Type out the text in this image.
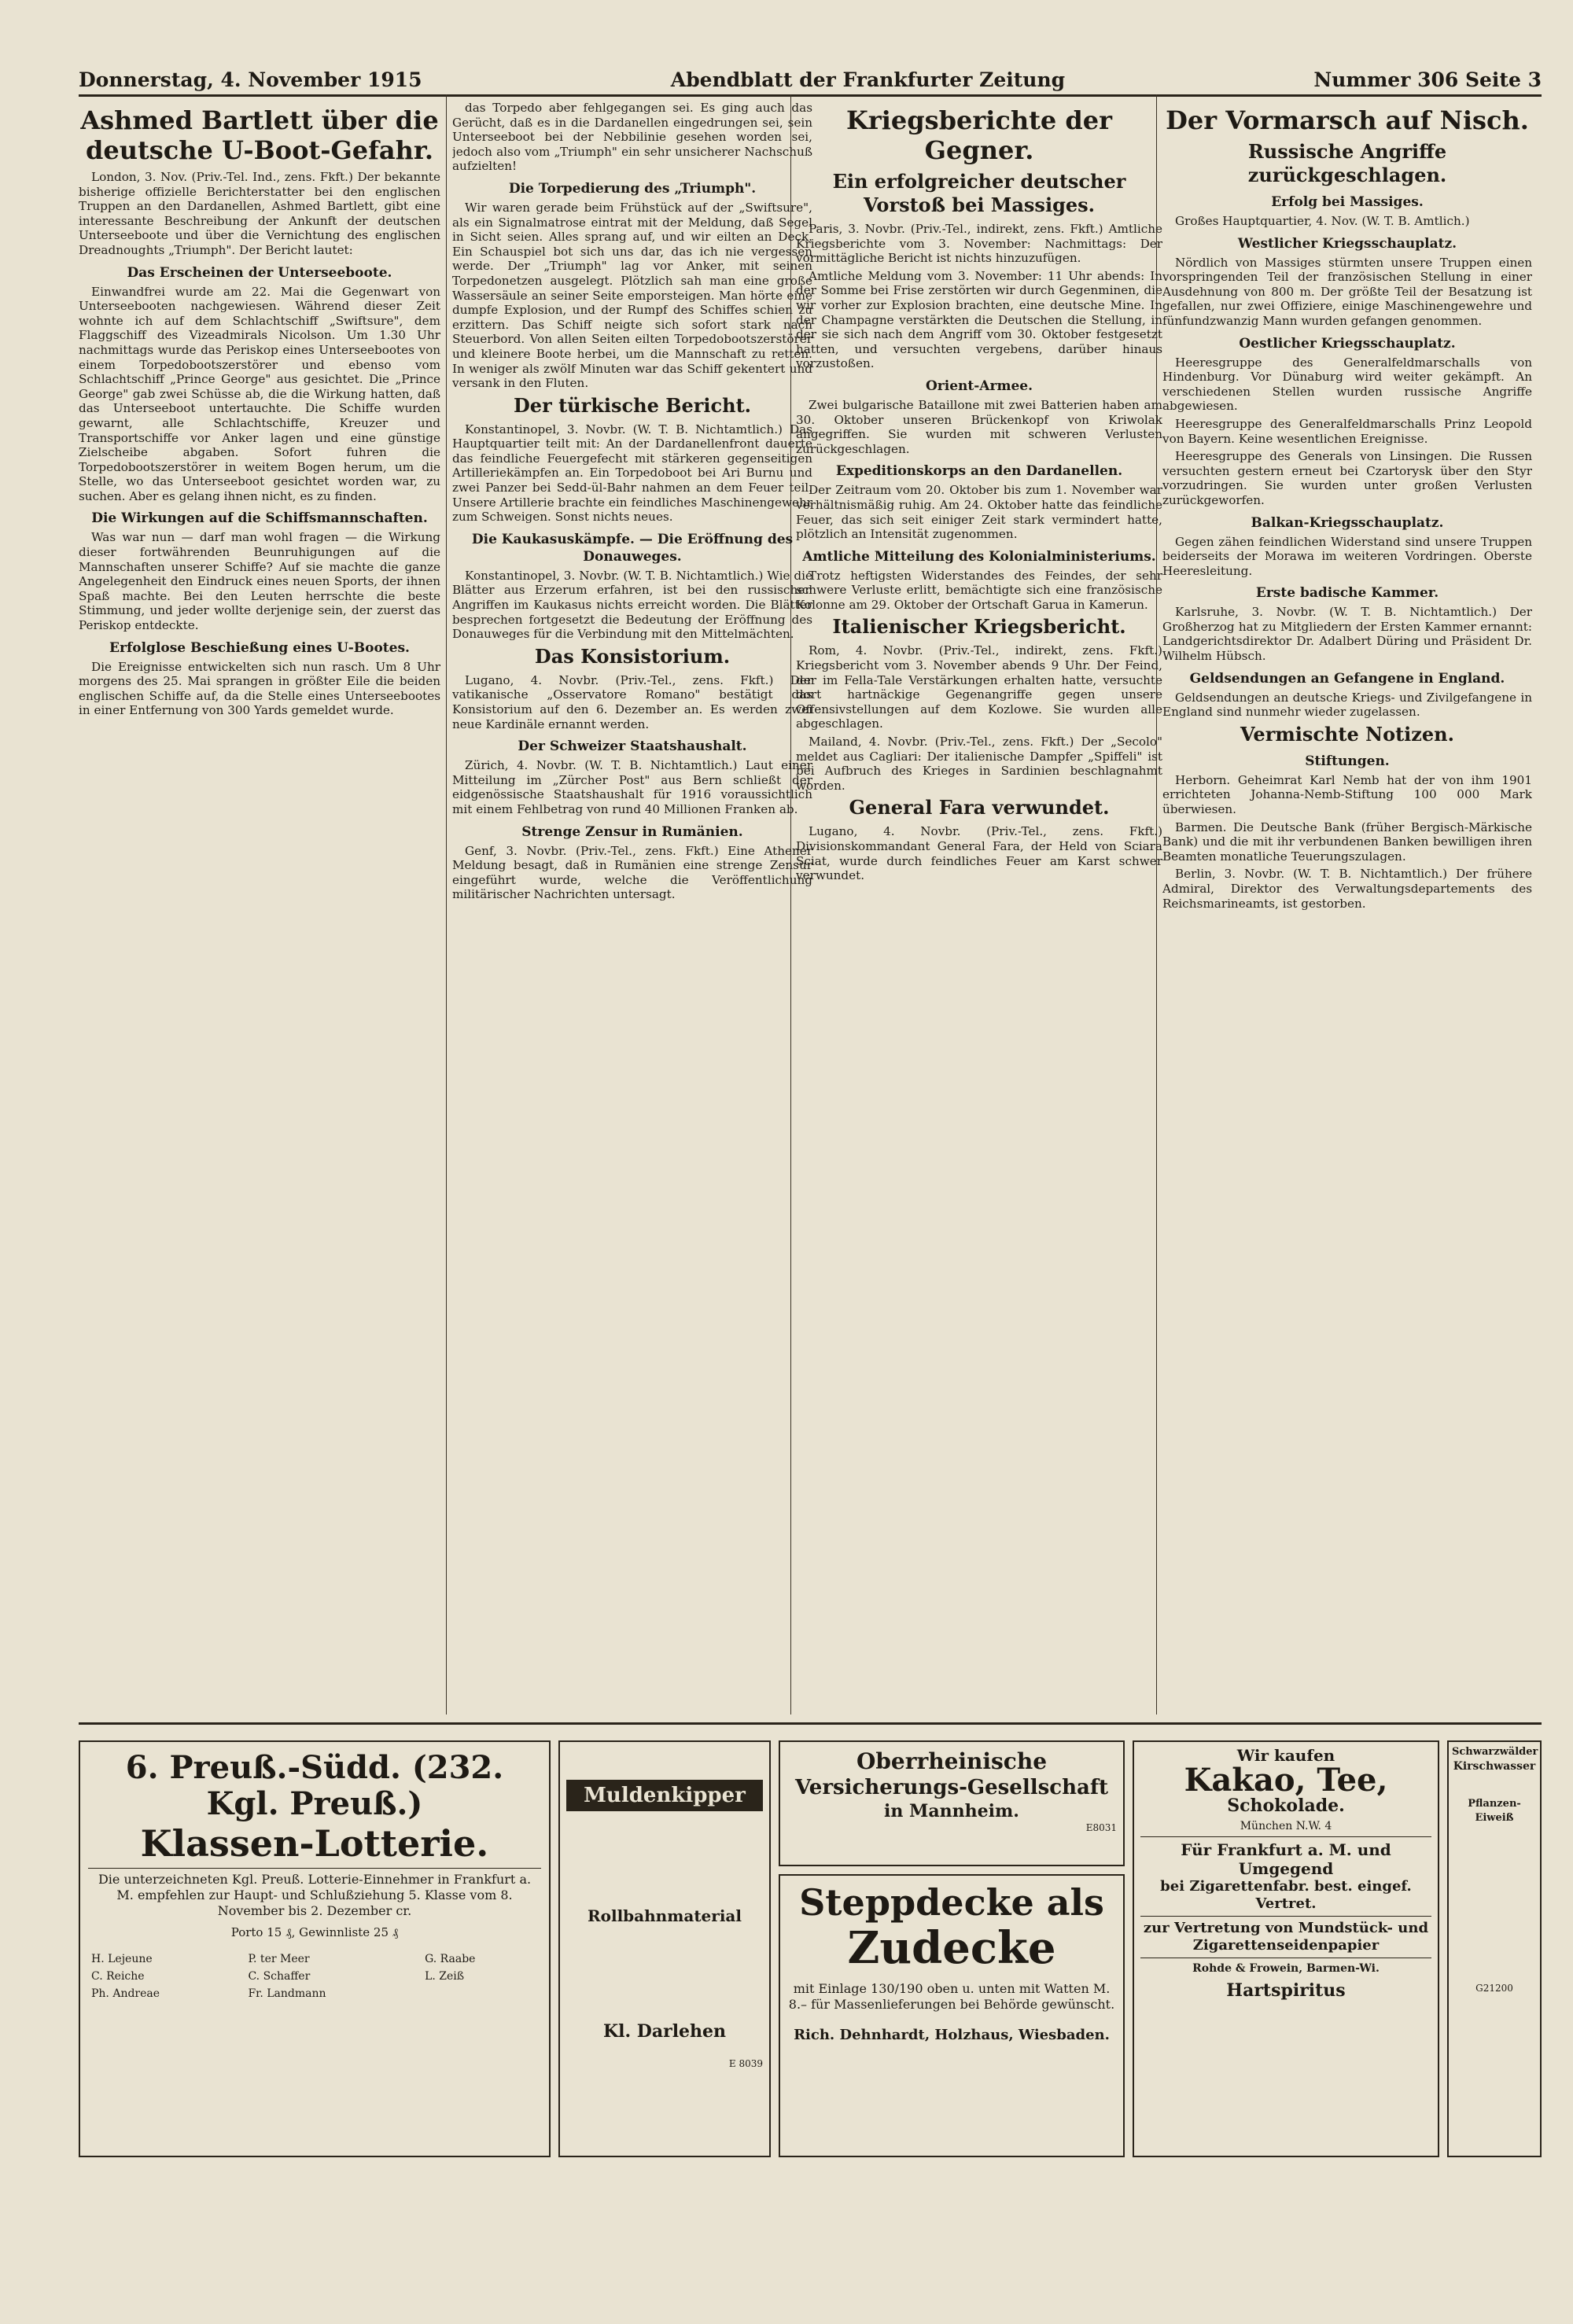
Donnerstag, 4. November 1915	Abendblatt der Frankfurter Zeitung	Nummer 306 Seite 3
Ashmed Bartlett über die deutsche U-Boot-Gefahr.

London, 3. Nov. (Priv.-Tel. Ind., zens. Fkft.) Der bekannte bisherige offizielle Berichterstatter bei den englischen Truppen an den Dardanellen, Ashmed Bartlett, gibt eine interessante Beschreibung der Ankunft der deutschen Unterseeboote und über die Vernichtung des englischen Dreadnoughts „Triumph". Der Bericht lautet:

Das Erscheinen der Unterseeboote.

Einwandfrei wurde am 22. Mai die Gegenwart von Unterseebooten nachgewiesen. Während dieser Zeit wohnte ich auf dem Schlachtschiff „Swiftsure", dem Flaggschiff des Vizeadmirals Nicolson. Um 1.30 Uhr nachmittags wurde das Periskop eines Unterseebootes von einem Torpedobootszerstörer und ebenso vom Schlachtschiff „Prince George" aus gesichtet. Die „Prince George" gab zwei Schüsse ab, die die Wirkung hatten, daß das Unterseeboot untertauchte. Die Schiffe wurden gewarnt, alle Schlachtschiffe, Kreuzer und Transportschiffe vor Anker lagen und eine günstige Zielscheibe abgaben. Sofort fuhren die Torpedobootszerstörer in weitem Bogen herum, um die Stelle, wo das Unterseeboot gesichtet worden war, zu suchen. Aber es gelang ihnen nicht, es zu finden.

Die Wirkungen auf die Schiffsmannschaften.

Was war nun — darf man wohl fragen — die Wirkung dieser fortwährenden Beunruhigungen auf die Mannschaften unserer Schiffe? Auf sie machte die ganze Angelegenheit den Eindruck eines neuen Sports, der ihnen Spaß machte. Bei den Leuten herrschte die beste Stimmung, und jeder wollte derjenige sein, der zuerst das Periskop entdeckte.

Erfolglose Beschießung eines U-Bootes.

Die Ereignisse entwickelten sich nun rasch. Um 8 Uhr morgens des 25. Mai sprangen in größter Eile die beiden englischen Schiffe auf, da die Stelle eines Unterseebootes in einer Entfernung von 300 Yards gemeldet wurde.

das Torpedo aber fehlgegangen sei. Es ging auch das Gerücht, daß es in die Dardanellen eingedrungen sei, sein Unterseeboot bei der Nebbilinie gesehen worden sei, jedoch also vom „Triumph" ein sehr unsicherer Nachschuß aufzielten!

Die Torpedierung des „Triumph".

Wir waren gerade beim Frühstück auf der „Swiftsure", als ein Signalmatrose eintrat mit der Meldung, daß Segel in Sicht seien. Alles sprang auf, und wir eilten an Deck. Ein Schauspiel bot sich uns dar, das ich nie vergessen werde. Der „Triumph" lag vor Anker, mit seinen Torpedonetzen ausgelegt. Plötzlich sah man eine große Wassersäule an seiner Seite emporsteigen. Man hörte eine dumpfe Explosion, und der Rumpf des Schiffes schien zu erzittern. Das Schiff neigte sich sofort stark nach Steuerbord. Von allen Seiten eilten Torpedobootszerstörer und kleinere Boote herbei, um die Mannschaft zu retten. In weniger als zwölf Minuten war das Schiff gekentert und versank in den Fluten.

Der türkische Bericht.

Konstantinopel, 3. Novbr. (W. T. B. Nichtamtlich.) Das Hauptquartier teilt mit: An der Dardanellenfront dauerte das feindliche Feuergefecht mit stärkeren gegenseitigen Artilleriekämpfen an. Ein Torpedoboot bei Ari Burnu und zwei Panzer bei Sedd-ül-Bahr nahmen an dem Feuer teil. Unsere Artillerie brachte ein feindliches Maschinengewehr zum Schweigen. Sonst nichts neues.

Die Kaukasuskämpfe. — Die Eröffnung des Donauweges.

Konstantinopel, 3. Novbr. (W. T. B. Nichtamtlich.) Wie die Blätter aus Erzerum erfahren, ist bei den russischen Angriffen im Kaukasus nichts erreicht worden. Die Blätter besprechen fortgesetzt die Bedeutung der Eröffnung des Donauweges für die Verbindung mit den Mittelmächten.

Das Konsistorium.

Lugano, 4. Novbr. (Priv.-Tel., zens. Fkft.) Der vatikanische „Osservatore Romano" bestätigt das Konsistorium auf den 6. Dezember an. Es werden zwei neue Kardinäle ernannt werden.

Der Schweizer Staatshaushalt.

Zürich, 4. Novbr. (W. T. B. Nichtamtlich.) Laut einer Mitteilung im „Zürcher Post" aus Bern schließt der eidgenössische Staatshaushalt für 1916 voraussichtlich mit einem Fehlbetrag von rund 40 Millionen Franken ab.

Strenge Zensur in Rumänien.

Genf, 3. Novbr. (Priv.-Tel., zens. Fkft.) Eine Athener Meldung besagt, daß in Rumänien eine strenge Zensur eingeführt wurde, welche die Veröffentlichung militärischer Nachrichten untersagt.

Kriegsberichte der Gegner.
Ein erfolgreicher deutscher Vorstoß bei Massiges.

Paris, 3. Novbr. (Priv.-Tel., indirekt, zens. Fkft.) Amtliche Kriegsberichte vom 3. November: Nachmittags: Der vormittägliche Bericht ist nichts hinzuzufügen.

Amtliche Meldung vom 3. November: 11 Uhr abends: In der Somme bei Frise zerstörten wir durch Gegenminen, die wir vorher zur Explosion brachten, eine deutsche Mine. In der Champagne verstärkten die Deutschen die Stellung, in der sie sich nach dem Angriff vom 30. Oktober festgesetzt hatten, und versuchten vergebens, darüber hinaus vorzustoßen.

Orient-Armee.

Zwei bulgarische Bataillone mit zwei Batterien haben am 30. Oktober unseren Brückenkopf von Kriwolak angegriffen. Sie wurden mit schweren Verlusten zurückgeschlagen.

Expeditionskorps an den Dardanellen.

Der Zeitraum vom 20. Oktober bis zum 1. November war verhältnismäßig ruhig. Am 24. Oktober hatte das feindliche Feuer, das sich seit einiger Zeit stark vermindert hatte, plötzlich an Intensität zugenommen.

Amtliche Mitteilung des Kolonialministeriums.

Trotz heftigsten Widerstandes des Feindes, der sehr schwere Verluste erlitt, bemächtigte sich eine französische Kolonne am 29. Oktober der Ortschaft Garua in Kamerun.

Italienischer Kriegsbericht.

Rom, 4. Novbr. (Priv.-Tel., indirekt, zens. Fkft.) Kriegsbericht vom 3. November abends 9 Uhr. Der Feind, der im Fella-Tale Verstärkungen erhalten hatte, versuchte dort hartnäckige Gegenangriffe gegen unsere Offensivstellungen auf dem Kozlowe. Sie wurden alle abgeschlagen.

Mailand, 4. Novbr. (Priv.-Tel., zens. Fkft.) Der „Secolo" meldet aus Cagliari: Der italienische Dampfer „Spiffeli" ist bei Aufbruch des Krieges in Sardinien beschlagnahmt worden.

General Fara verwundet.

Lugano, 4. Novbr. (Priv.-Tel., zens. Fkft.) Divisionskommandant General Fara, der Held von Sciara Sciat, wurde durch feindliches Feuer am Karst schwer verwundet.

Der Vormarsch auf Nisch.
Russische Angriffe zurückgeschlagen.
Erfolg bei Massiges.

Großes Hauptquartier, 4. Nov. (W. T. B. Amtlich.)

Westlicher Kriegsschauplatz.

Nördlich von Massiges stürmten unsere Truppen einen vorspringenden Teil der französischen Stellung in einer Ausdehnung von 800 m. Der größte Teil der Besatzung ist gefallen, nur zwei Offiziere, einige Maschinengewehre und fünfundzwanzig Mann wurden gefangen genommen.

Oestlicher Kriegsschauplatz.

Heeresgruppe des Generalfeldmarschalls von Hindenburg. Vor Dünaburg wird weiter gekämpft. An verschiedenen Stellen wurden russische Angriffe abgewiesen.

Heeresgruppe des Generalfeldmarschalls Prinz Leopold von Bayern. Keine wesentlichen Ereignisse.

Heeresgruppe des Generals von Linsingen. Die Russen versuchten gestern erneut bei Czartorysk über den Styr vorzudringen. Sie wurden unter großen Verlusten zurückgeworfen.

Balkan-Kriegsschauplatz.

Gegen zähen feindlichen Widerstand sind unsere Truppen beiderseits der Morawa im weiteren Vordringen. Oberste Heeresleitung.

Erste badische Kammer.

Karlsruhe, 3. Novbr. (W. T. B. Nichtamtlich.) Der Großherzog hat zu Mitgliedern der Ersten Kammer ernannt: Landgerichtsdirektor Dr. Adalbert Düring und Präsident Dr. Wilhelm Hübsch.

Geldsendungen an Gefangene in England.

Geldsendungen an deutsche Kriegs- und Zivilgefangene in England sind nunmehr wieder zugelassen.

Vermischte Notizen.
Stiftungen.

Herborn. Geheimrat Karl Nemb hat der von ihm 1901 errichteten Johanna-Nemb-Stiftung 100 000 Mark überwiesen.

Barmen. Die Deutsche Bank (früher Bergisch-Märkische Bank) und die mit ihr verbundenen Banken bewilligen ihren Beamten monatliche Teuerungszulagen.

Berlin, 3. Novbr. (W. T. B. Nichtamtlich.) Der frühere Admiral, Direktor des Verwaltungsdepartements des Reichsmarineamts, ist gestorben.

6. Preuß.-Südd. (232. Kgl. Preuß.)
Klassen-Lotterie.
Die unterzeichneten Kgl. Preuß. Lotterie-Einnehmer in Frankfurt a. M. empfehlen zur Haupt- und Schlußziehung 5. Klasse vom 8. November bis 2. Dezember cr.
Porto 15 ₰, Gewinnliste 25 ₰
H. Lejeune	P. ter Meer	G. Raabe
C. Reiche	C. Schaffer	L. Zeiß
Ph. Andreae	Fr. Landmann	
Muldenkipper
Rollbahnmaterial
Kl. Darlehen
E 8039
Oberrheinische
Versicherungs-Gesellschaft
in Mannheim.
E8031
Steppdecke als
Zudecke
mit Einlage 130/190 oben u. unten mit Watten M. 8.– für Massenlieferungen bei Behörde gewünscht.
Rich. Dehnhardt, Holzhaus, Wiesbaden.
Wir kaufen
Kakao, Tee,
Schokolade.
München N.W. 4
Für Frankfurt a. M. und Umgegend
bei Zigarettenfabr. best. eingef. Vertret.
zur Vertretung von Mundstück- und Zigarettenseidenpapier
Rohde & Frowein, Barmen-Wi.
Hartspiritus
Schwarzwälder
Kirschwasser
Pflanzen-Eiweiß
G21200
